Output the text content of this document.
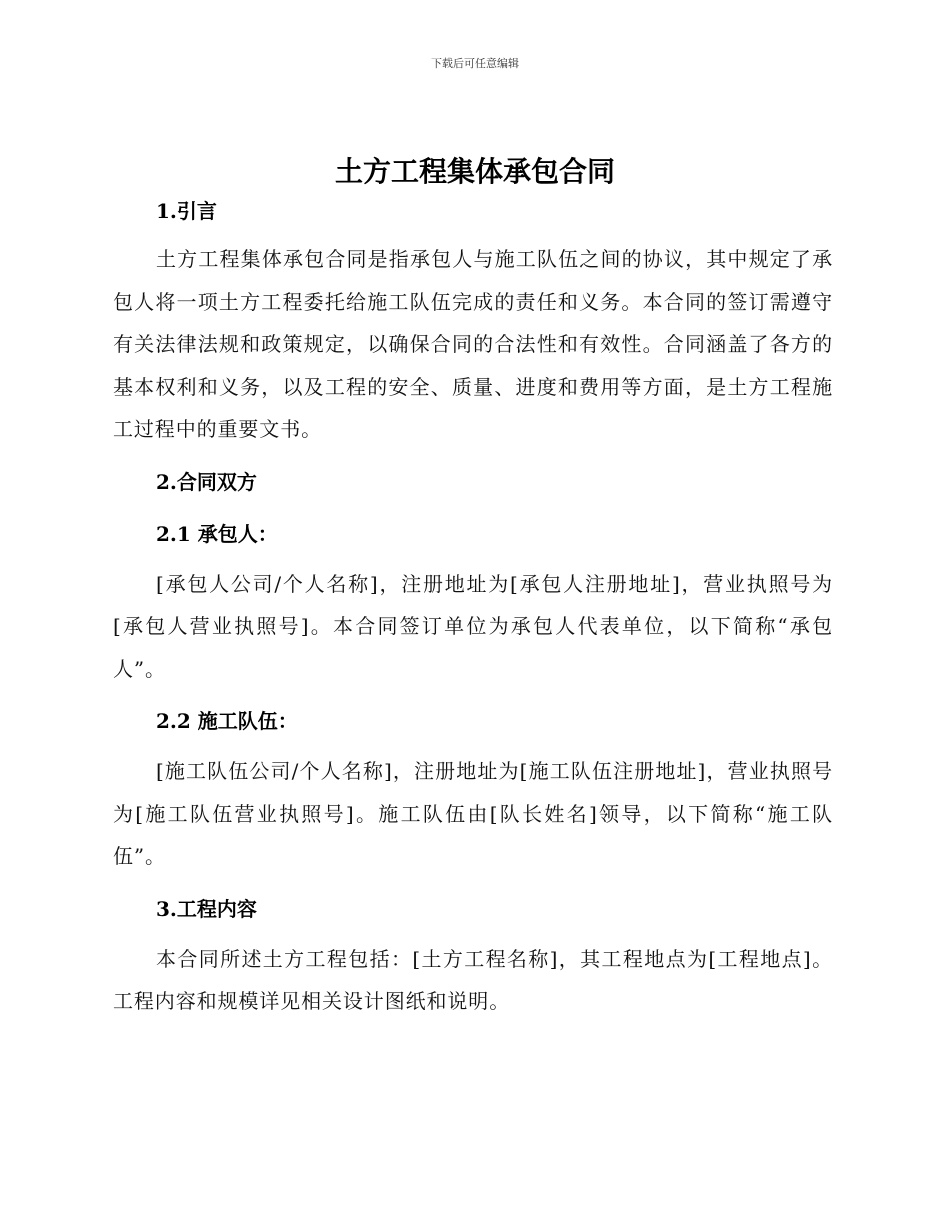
下载后可任意编辑
土方工程集体承包合同

1.引言

土方工程集体承包合同是指承包人与施工队伍之间的协议，其中规定了承包人将一项土方工程委托给施工队伍完成的责任和义务。本合同的签订需遵守有关法律法规和政策规定，以确保合同的合法性和有效性。合同涵盖了各方的基本权利和义务，以及工程的安全、质量、进度和费用等方面，是土方工程施工过程中的重要文书。

2.合同双方

2.1 承包人：

[承包人公司/个人名称]，注册地址为[承包人注册地址]，营业执照号为[承包人营业执照号]。本合同签订单位为承包人代表单位，以下简称“承包人”。

2.2 施工队伍：

[施工队伍公司/个人名称]，注册地址为[施工队伍注册地址]，营业执照号为[施工队伍营业执照号]。施工队伍由[队长姓名]领导，以下简称“施工队伍”。

3.工程内容

本合同所述土方工程包括：[土方工程名称]，其工程地点为[工程地点]。工程内容和规模详见相关设计图纸和说明。
